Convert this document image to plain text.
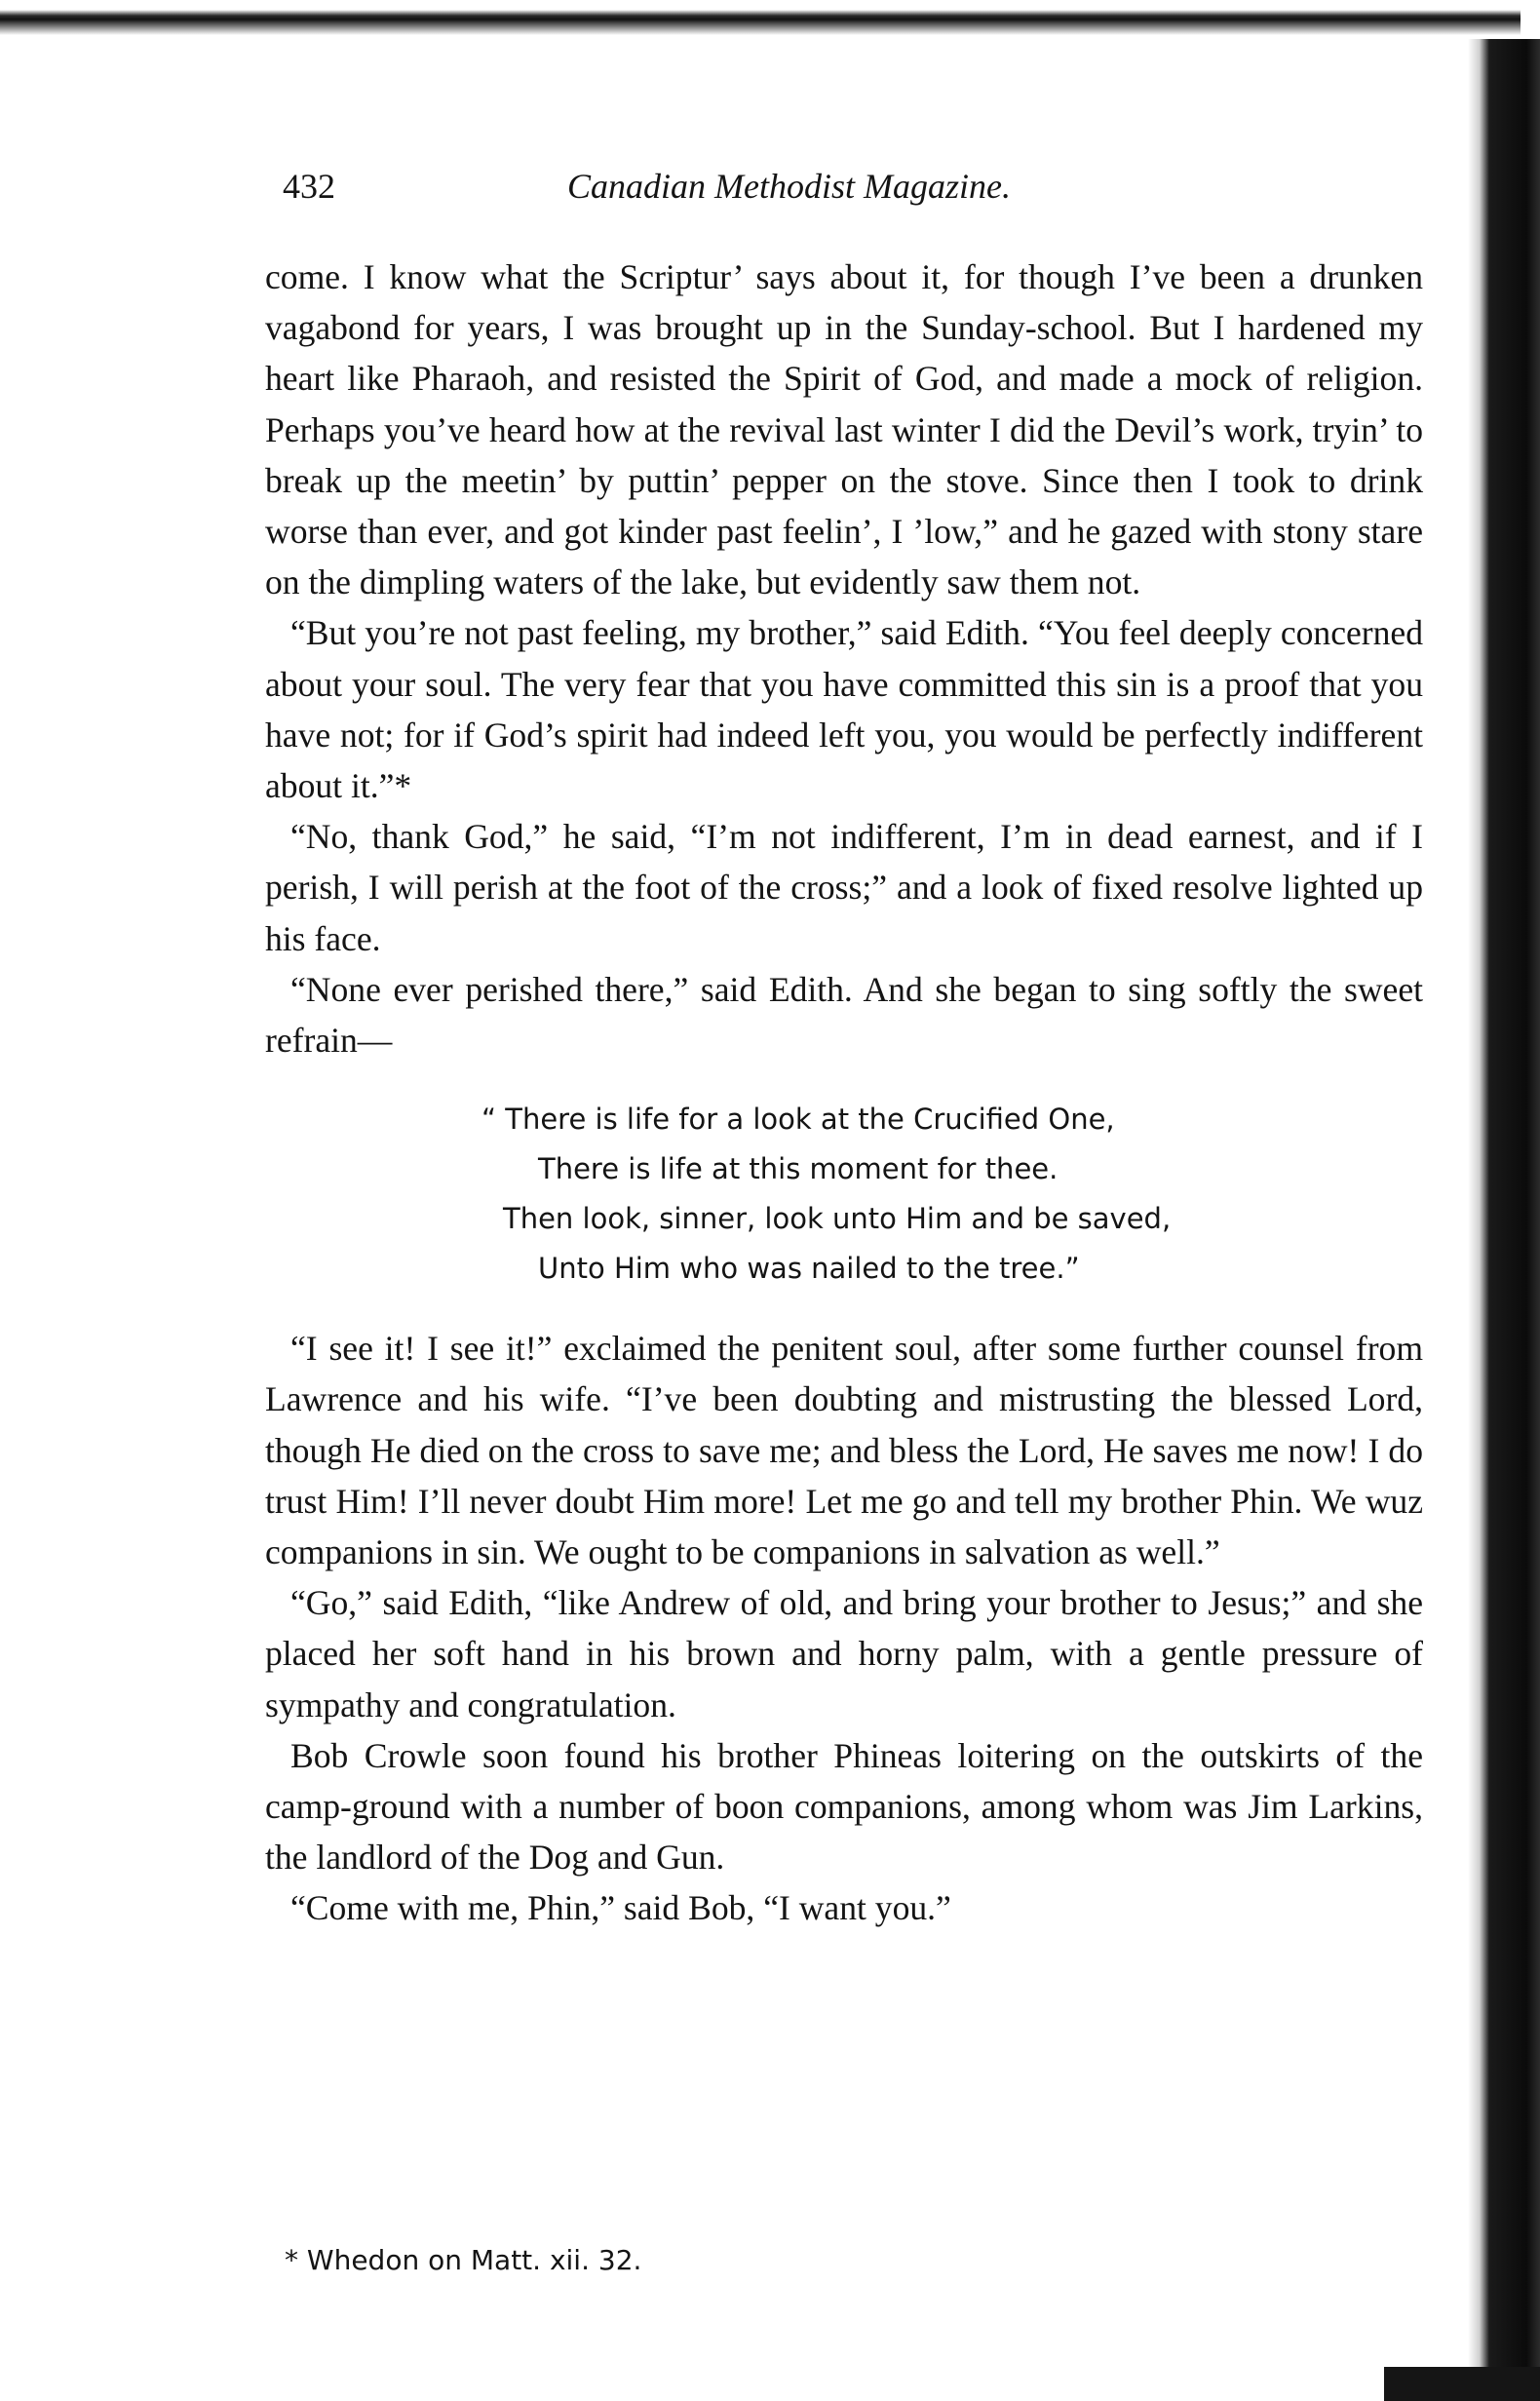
432	Canadian Methodist Magazine.

come. I know what the Scriptur’ says about it, for though I’ve been a drunken vagabond for years, I was brought up in the Sunday-school. But I hardened my heart like Pharaoh, and resisted the Spirit of God, and made a mock of religion. Perhaps you’ve heard how at the revival last winter I did the Devil’s work, tryin’ to break up the meetin’ by puttin’ pepper on the stove. Since then I took to drink worse than ever, and got kinder past feelin’, I ’low,” and he gazed with stony stare on the dimpling waters of the lake, but evidently saw them not.

“But you’re not past feeling, my brother,” said Edith. “You feel deeply concerned about your soul. The very fear that you have committed this sin is a proof that you have not; for if God’s spirit had indeed left you, you would be perfectly indifferent about it.”*

“No, thank God,” he said, “I’m not indifferent, I’m in dead earnest, and if I perish, I will perish at the foot of the cross;” and a look of fixed resolve lighted up his face.

“None ever perished there,” said Edith. And she began to sing softly the sweet refrain—

“ There is life for a look at the Crucified One,
There is life at this moment for thee.
Then look, sinner, look unto Him and be saved,
Unto Him who was nailed to the tree.”

“I see it! I see it!” exclaimed the penitent soul, after some further counsel from Lawrence and his wife. “I’ve been doubting and mistrusting the blessed Lord, though He died on the cross to save me; and bless the Lord, He saves me now! I do trust Him! I’ll never doubt Him more! Let me go and tell my brother Phin. We wuz companions in sin. We ought to be companions in salvation as well.”

“Go,” said Edith, “like Andrew of old, and bring your brother to Jesus;” and she placed her soft hand in his brown and horny palm, with a gentle pressure of sympathy and congratulation.

Bob Crowle soon found his brother Phineas loitering on the outskirts of the camp-ground with a number of boon companions, among whom was Jim Larkins, the landlord of the Dog and Gun.

“Come with me, Phin,” said Bob, “I want you.”

* Whedon on Matt. xii. 32.
